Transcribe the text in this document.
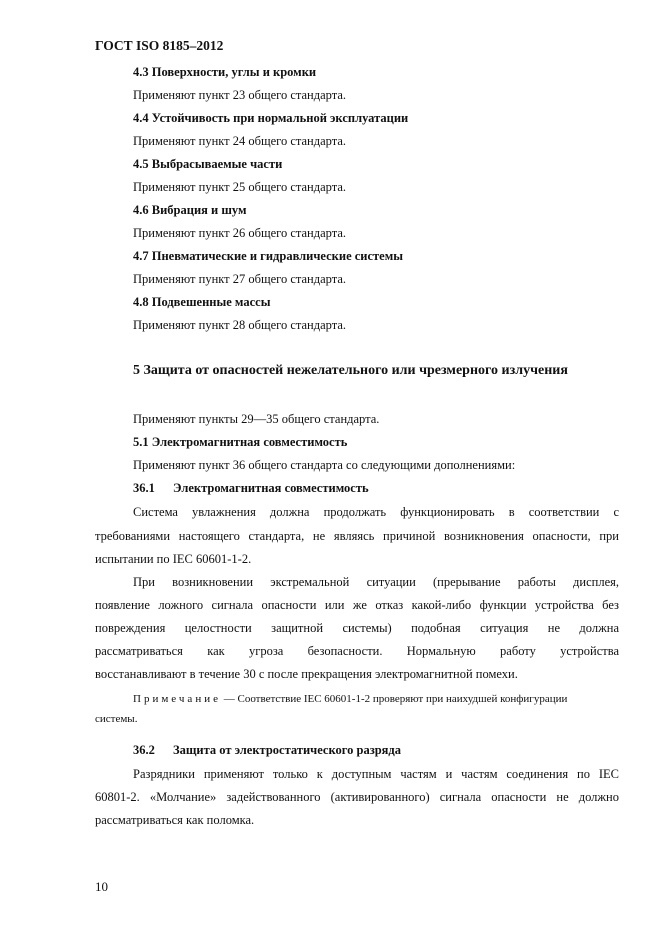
ГОСТ ISO 8185–2012
4.3 Поверхности, углы и кромки
Применяют пункт 23 общего стандарта.
4.4 Устойчивость при нормальной эксплуатации
Применяют пункт 24 общего стандарта.
4.5 Выбрасываемые части
Применяют пункт 25 общего стандарта.
4.6 Вибрация и шум
Применяют пункт 26 общего стандарта.
4.7 Пневматические и гидравлические системы
Применяют пункт 27 общего стандарта.
4.8 Подвешенные массы
Применяют пункт 28 общего стандарта.
5 Защита от опасностей нежелательного или чрезмерного излучения
Применяют пункты 29—35 общего стандарта.
5.1 Электромагнитная совместимость
Применяют пункт 36 общего стандарта со следующими дополнениями:
36.1 Электромагнитная совместимость
Система увлажнения должна продолжать функционировать в соответствии с
требованиями настоящего стандарта, не являясь причиной возникновения опасности, при
испытании по IEC 60601-1-2.
При возникновении экстремальной ситуации (прерывание работы дисплея,
появление ложного сигнала опасности или же отказ какой-либо функции устройства без
повреждения целостности защитной системы) подобная ситуация не должна
рассматриваться как угроза безопасности. Нормальную работу устройства
восстанавливают в течение 30 с после прекращения электромагнитной помехи.
Примечание — Соответствие IEC 60601-1-2 проверяют при наихудшей конфигурации
системы.
36.2 Защита от электростатического разряда
Разрядники применяют только к доступным частям и частям соединения по IEC
60801-2. «Молчание» задействованного (активированного) сигнала опасности не должно
рассматриваться как поломка.
10
